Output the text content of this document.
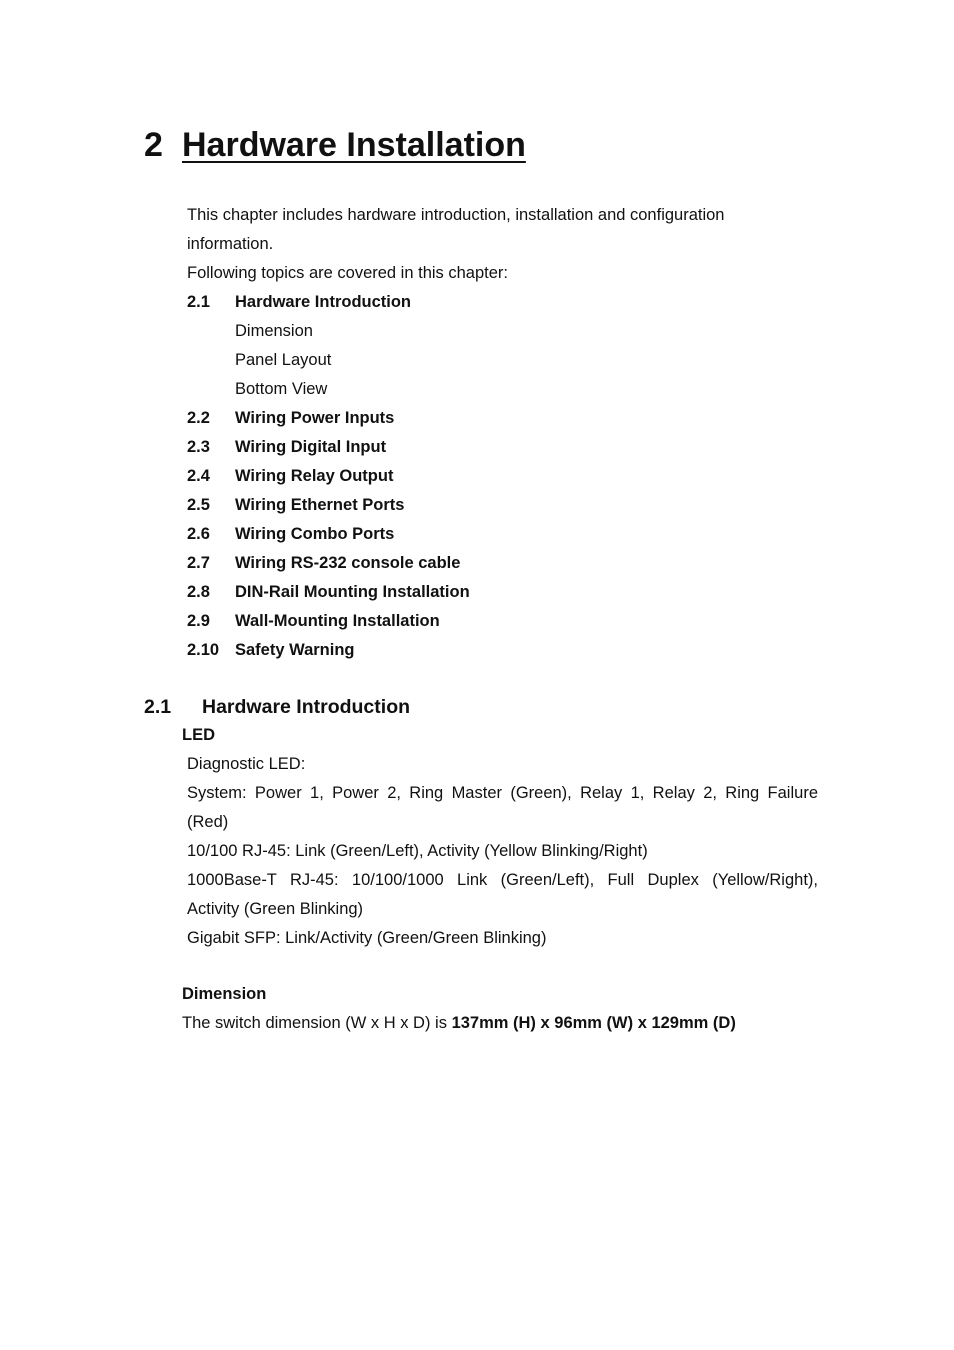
2 Hardware Installation
This chapter includes hardware introduction, installation and configuration
information.
Following topics are covered in this chapter:
2.1 Hardware Introduction
Dimension
Panel Layout
Bottom View
2.2 Wiring Power Inputs
2.3 Wiring Digital Input
2.4 Wiring Relay Output
2.5 Wiring Ethernet Ports
2.6 Wiring Combo Ports
2.7 Wiring RS-232 console cable
2.8 DIN-Rail Mounting Installation
2.9 Wall-Mounting Installation
2.10 Safety Warning
2.1 Hardware Introduction
LED
Diagnostic LED:
System: Power 1, Power 2, Ring Master (Green), Relay 1, Relay 2, Ring Failure
(Red)
10/100 RJ-45: Link (Green/Left), Activity (Yellow Blinking/Right)
1000Base-T RJ-45: 10/100/1000 Link (Green/Left), Full Duplex (Yellow/Right),
Activity (Green Blinking)
Gigabit SFP: Link/Activity (Green/Green Blinking)
Dimension
The switch dimension (W x H x D) is 137mm (H) x 96mm (W) x 129mm (D)
